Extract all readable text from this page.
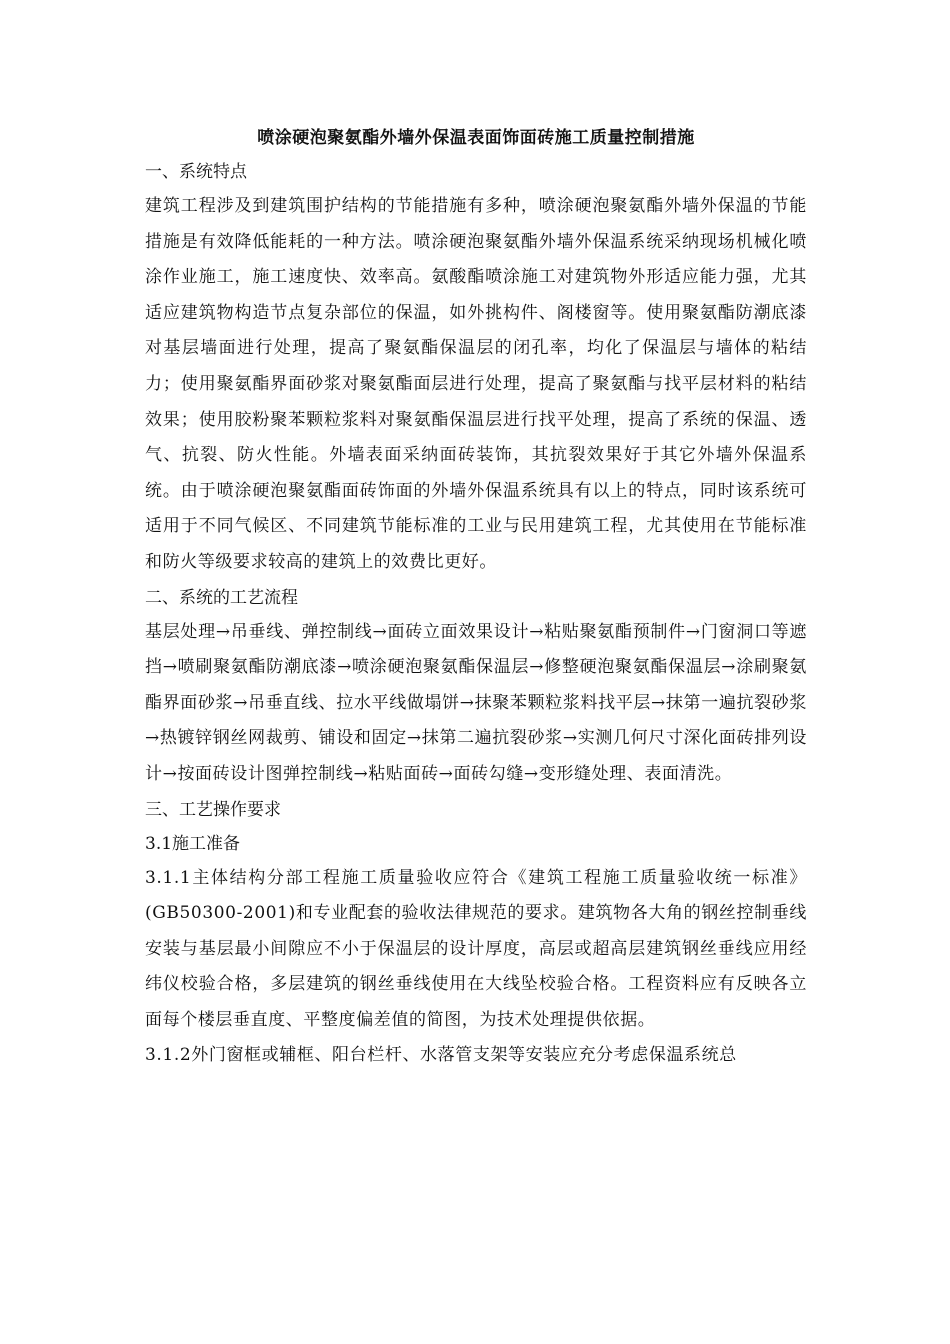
喷涂硬泡聚氨酯外墙外保温表面饰面砖施工质量控制措施

一、系统特点

建筑工程涉及到建筑围护结构的节能措施有多种，喷涂硬泡聚氨酯外墙外保温的节能措施是有效降低能耗的一种方法。喷涂硬泡聚氨酯外墙外保温系统采纳现场机械化喷涂作业施工，施工速度快、效率高。氨酸酯喷涂施工对建筑物外形适应能力强，尤其适应建筑物构造节点复杂部位的保温，如外挑构件、阁楼窗等。使用聚氨酯防潮底漆对基层墙面进行处理，提高了聚氨酯保温层的闭孔率，均化了保温层与墙体的粘结力；使用聚氨酯界面砂浆对聚氨酯面层进行处理，提高了聚氨酯与找平层材料的粘结效果；使用胶粉聚苯颗粒浆料对聚氨酯保温层进行找平处理，提高了系统的保温、透气、抗裂、防火性能。外墙表面采纳面砖装饰，其抗裂效果好于其它外墙外保温系统。由于喷涂硬泡聚氨酯面砖饰面的外墙外保温系统具有以上的特点，同时该系统可适用于不同气候区、不同建筑节能标准的工业与民用建筑工程，尤其使用在节能标准和防火等级要求较高的建筑上的效费比更好。

二、系统的工艺流程

基层处理→吊垂线、弹控制线→面砖立面效果设计→粘贴聚氨酯预制件→门窗洞口等遮挡→喷刷聚氨酯防潮底漆→喷涂硬泡聚氨酯保温层→修整硬泡聚氨酯保温层→涂刷聚氨酯界面砂浆→吊垂直线、拉水平线做塌饼→抹聚苯颗粒浆料找平层→抹第一遍抗裂砂浆→热镀锌钢丝网裁剪、铺设和固定→抹第二遍抗裂砂浆→实测几何尺寸深化面砖排列设计→按面砖设计图弹控制线→粘贴面砖→面砖勾缝→变形缝处理、表面清洗。

三、工艺操作要求

3.1施工准备

3.1.1主体结构分部工程施工质量验收应符合《建筑工程施工质量验收统一标准》(GB50300-2001)和专业配套的验收法律规范的要求。建筑物各大角的钢丝控制垂线安装与基层最小间隙应不小于保温层的设计厚度，高层或超高层建筑钢丝垂线应用经纬仪校验合格，多层建筑的钢丝垂线使用在大线坠校验合格。工程资料应有反映各立面每个楼层垂直度、平整度偏差值的简图，为技术处理提供依据。

3.1.2外门窗框或辅框、阳台栏杆、水落管支架等安装应充分考虑保温系统总
